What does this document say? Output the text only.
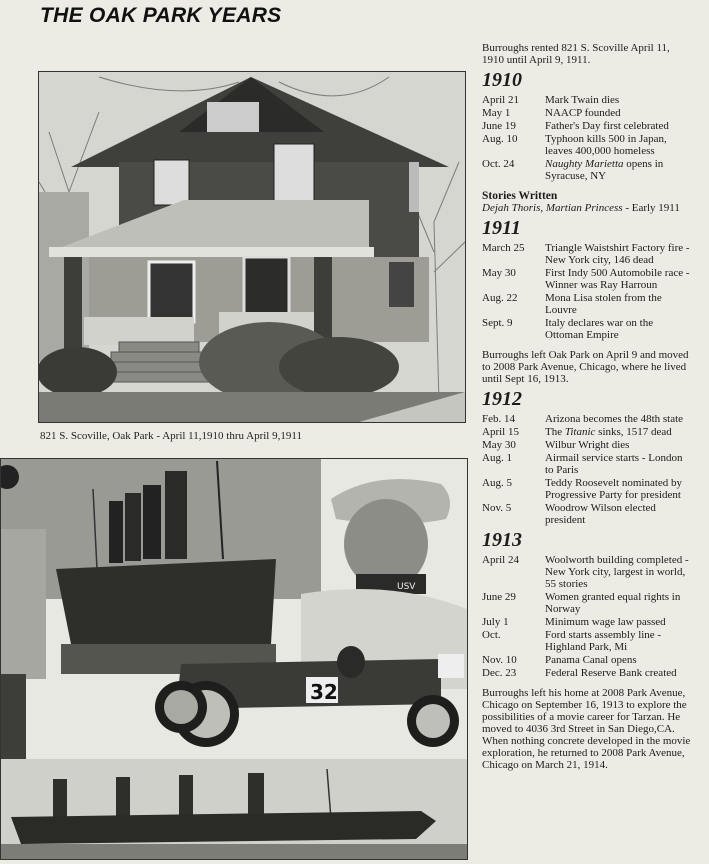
THE OAK PARK YEARS
821 S. Scoville, Oak Park - April 11,1910 thru April 9,1911
USV
32
Burroughs rented 821 S. Scoville April 11, 1910 until April 9, 1911.
1910
April 21	Mark Twain dies
May 1	NAACP founded
June 19	Father's Day first celebrated
Aug. 10	Typhoon kills 500 in Japan, leaves 400,000 homeless
Oct. 24	Naughty Marietta opens in Syracuse, NY
Stories Written
Dejah Thoris, Martian Princess - Early 1911
1911
March 25	Triangle Waistshirt Factory fire - New York city, 146 dead
May 30	First Indy 500 Automobile race - Winner was Ray Harroun
Aug. 22	Mona Lisa stolen from the Louvre
Sept. 9	Italy declares war on the Ottoman Empire
Burroughs left Oak Park on April 9 and moved to 2008 Park Avenue, Chicago, where he lived until Sept 16, 1913.
1912
Feb. 14	Arizona becomes the 48th state
April 15	The Titanic sinks, 1517 dead
May 30	Wilbur Wright dies
Aug. 1	Airmail service starts - London to Paris
Aug. 5	Teddy Roosevelt nominated by Progressive Party for president
Nov. 5	Woodrow Wilson elected president
1913
April 24	Woolworth building completed - New York city, largest in world, 55 stories
June 29	Women granted equal rights in Norway
July 1	Minimum wage law passed
Oct.	Ford starts assembly line - Highland Park, Mi
Nov. 10	Panama Canal opens
Dec. 23	Federal Reserve Bank created
Burroughs left his home at 2008 Park Avenue, Chicago on September 16, 1913 to explore the possibilities of a movie career for Tarzan. He moved to 4036 3rd Street in San Diego,CA. When nothing concrete developed in the movie exploration, he returned to 2008 Park Avenue, Chicago on March 21, 1914.
